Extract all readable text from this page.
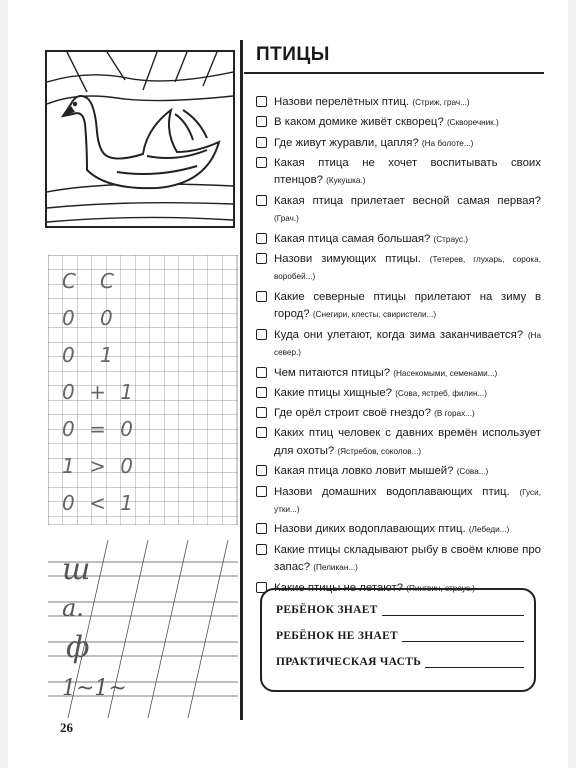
С С
0 0
0 1
0 + 1
0 = 0
1 > 0
0 < 1
ш
а.
ф
1~1~
ПТИЦЫ
Назови перелётных птиц. (Стриж, грач...)
В каком домике живёт скворец? (Скворечник.)
Где живут журавли, цапля? (На болоте...)
Какая птица не хочет воспитывать своих птенцов? (Кукушка.)
Какая птица прилетает весной самая первая? (Грач.)
Какая птица самая большая? (Страус.)
Назови зимующих птицы. (Тетерев, глухарь, сорока, воробей...)
Какие северные птицы прилетают на зиму в город? (Снегири, клесты, свиристели...)
Куда они улетают, когда зима заканчивается? (На север.)
Чем питаются птицы? (Насекомыми, семенами...)
Какие птицы хищные? (Сова, ястреб, филин...)
Где орёл строит своё гнездо? (В горах...)
Каких птиц человек с давних времён использует для охоты? (Ястребов, соколов...)
Какая птица ловко ловит мышей? (Сова...)
Назови домашних водоплавающих птиц. (Гуси, утки...)
Назови диких водоплавающих птиц. (Лебеди...)
Какие птицы складывают рыбу в своём клюве про запас? (Пеликан...)
Какие птицы не летают? (Пингвин, страус.)
РЕБЁНОК ЗНАЕТ
РЕБЁНОК НЕ ЗНАЕТ
ПРАКТИЧЕСКАЯ ЧАСТЬ
26
